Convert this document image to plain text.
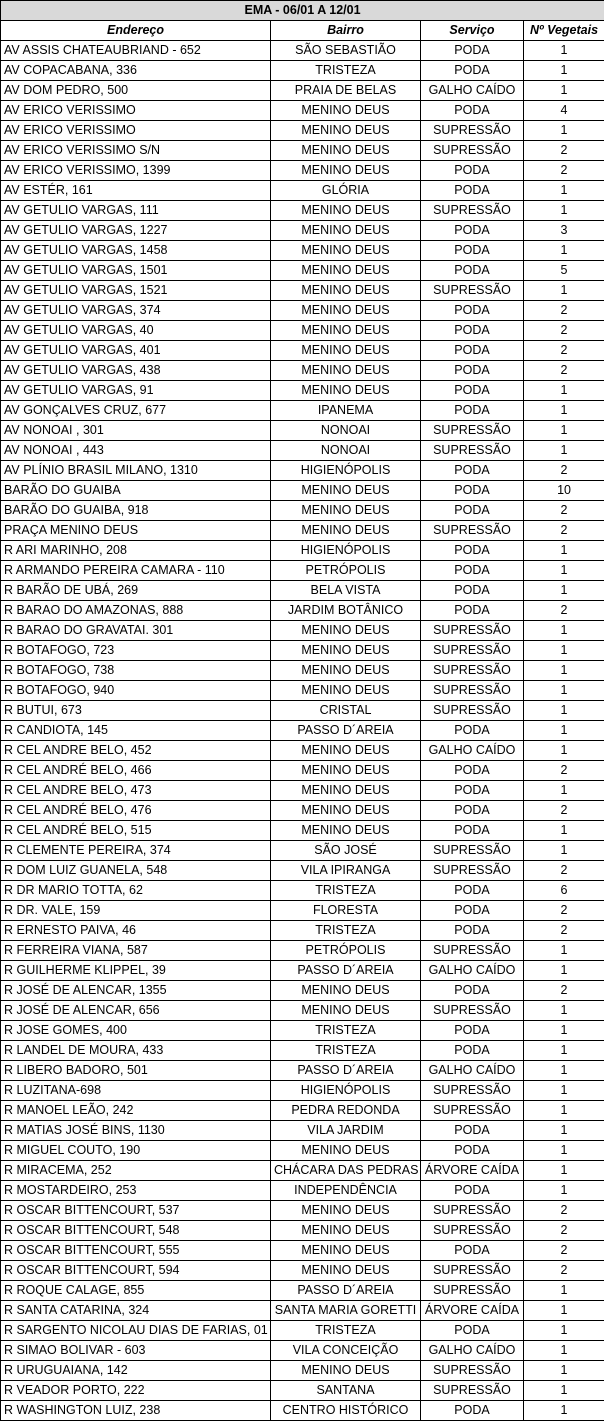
EMA - 06/01 A 12/01			
Endereço	Bairro	Serviço	Nº Vegetais
AV ASSIS CHATEAUBRIAND - 652	SÃO SEBASTIÃO	PODA	1
AV COPACABANA, 336	TRISTEZA	PODA	1
AV DOM PEDRO, 500	PRAIA DE BELAS	GALHO CAÍDO	1
AV ERICO VERISSIMO	MENINO DEUS	PODA	4
AV ERICO VERISSIMO	MENINO DEUS	SUPRESSÃO	1
AV ERICO VERISSIMO S/N	MENINO DEUS	SUPRESSÃO	2
AV ERICO VERISSIMO, 1399	MENINO DEUS	PODA	2
AV ESTÉR, 161	GLÓRIA	PODA	1
AV GETULIO VARGAS, 111	MENINO DEUS	SUPRESSÃO	1
AV GETULIO VARGAS, 1227	MENINO DEUS	PODA	3
AV GETULIO VARGAS, 1458	MENINO DEUS	PODA	1
AV GETULIO VARGAS, 1501	MENINO DEUS	PODA	5
AV GETULIO VARGAS, 1521	MENINO DEUS	SUPRESSÃO	1
AV GETULIO VARGAS, 374	MENINO DEUS	PODA	2
AV GETULIO VARGAS, 40	MENINO DEUS	PODA	2
AV GETULIO VARGAS, 401	MENINO DEUS	PODA	2
AV GETULIO VARGAS, 438	MENINO DEUS	PODA	2
AV GETULIO VARGAS, 91	MENINO DEUS	PODA	1
AV GONÇALVES CRUZ, 677	IPANEMA	PODA	1
AV NONOAI , 301	NONOAI	SUPRESSÃO	1
AV NONOAI , 443	NONOAI	SUPRESSÃO	1
AV PLÍNIO BRASIL MILANO, 1310	HIGIENÓPOLIS	PODA	2
BARÃO DO GUAIBA	MENINO DEUS	PODA	10
BARÃO DO GUAIBA, 918	MENINO DEUS	PODA	2
PRAÇA MENINO DEUS	MENINO DEUS	SUPRESSÃO	2
R ARI MARINHO, 208	HIGIENÓPOLIS	PODA	1
R ARMANDO PEREIRA CAMARA - 110	PETRÓPOLIS	PODA	1
R BARÃO DE UBÁ, 269	BELA VISTA	PODA	1
R BARAO DO AMAZONAS, 888	JARDIM BOTÂNICO	PODA	2
R BARAO DO GRAVATAI. 301	MENINO DEUS	SUPRESSÃO	1
R BOTAFOGO, 723	MENINO DEUS	SUPRESSÃO	1
R BOTAFOGO, 738	MENINO DEUS	SUPRESSÃO	1
R BOTAFOGO, 940	MENINO DEUS	SUPRESSÃO	1
R BUTUI, 673	CRISTAL	SUPRESSÃO	1
R CANDIOTA, 145	PASSO D´AREIA	PODA	1
R CEL ANDRE BELO, 452	MENINO DEUS	GALHO CAÍDO	1
R CEL ANDRÉ BELO, 466	MENINO DEUS	PODA	2
R CEL ANDRE BELO, 473	MENINO DEUS	PODA	1
R CEL ANDRÉ BELO, 476	MENINO DEUS	PODA	2
R CEL ANDRÉ BELO, 515	MENINO DEUS	PODA	1
R CLEMENTE PEREIRA, 374	SÃO JOSÉ	SUPRESSÃO	1
R DOM LUIZ GUANELA, 548	VILA IPIRANGA	SUPRESSÃO	2
R DR MARIO TOTTA, 62	TRISTEZA	PODA	6
R DR. VALE, 159	FLORESTA	PODA	2
R ERNESTO PAIVA, 46	TRISTEZA	PODA	2
R FERREIRA VIANA, 587	PETRÓPOLIS	SUPRESSÃO	1
R GUILHERME KLIPPEL, 39	PASSO D´AREIA	GALHO CAÍDO	1
R JOSÉ DE ALENCAR, 1355	MENINO DEUS	PODA	2
R JOSÉ DE ALENCAR, 656	MENINO DEUS	SUPRESSÃO	1
R JOSE GOMES, 400	TRISTEZA	PODA	1
R LANDEL DE MOURA, 433	TRISTEZA	PODA	1
R LIBERO BADORO, 501	PASSO D´AREIA	GALHO CAÍDO	1
R LUZITANA-698	HIGIENÓPOLIS	SUPRESSÃO	1
R MANOEL LEÃO, 242	PEDRA REDONDA	SUPRESSÃO	1
R MATIAS JOSÉ BINS, 1130	VILA JARDIM	PODA	1
R MIGUEL COUTO, 190	MENINO DEUS	PODA	1
R MIRACEMA, 252	CHÁCARA DAS PEDRAS	ÁRVORE CAÍDA	1
R MOSTARDEIRO, 253	INDEPENDÊNCIA	PODA	1
R OSCAR BITTENCOURT, 537	MENINO DEUS	SUPRESSÃO	2
R OSCAR BITTENCOURT, 548	MENINO DEUS	SUPRESSÃO	2
R OSCAR BITTENCOURT, 555	MENINO DEUS	PODA	2
R OSCAR BITTENCOURT, 594	MENINO DEUS	SUPRESSÃO	2
R ROQUE CALAGE, 855	PASSO D´AREIA	SUPRESSÃO	1
R SANTA CATARINA, 324	SANTA MARIA GORETTI	ÁRVORE CAÍDA	1
R SARGENTO NICOLAU DIAS DE FARIAS, 01	TRISTEZA	PODA	1
R SIMAO BOLIVAR - 603	VILA CONCEIÇÃO	GALHO CAÍDO	1
R URUGUAIANA, 142	MENINO DEUS	SUPRESSÃO	1
R VEADOR PORTO, 222	SANTANA	SUPRESSÃO	1
R WASHINGTON LUIZ, 238	CENTRO HISTÓRICO	PODA	1
